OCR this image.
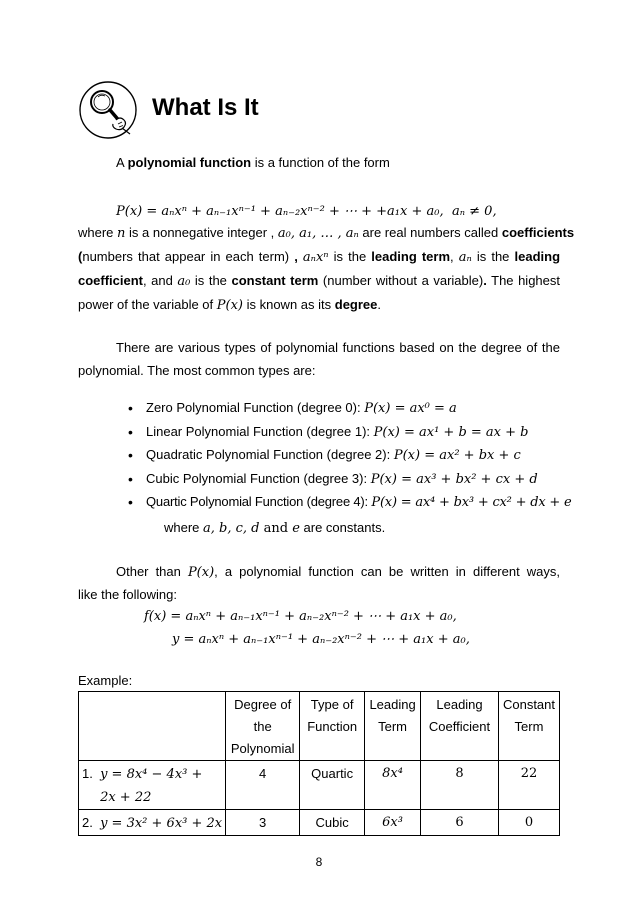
What Is It

A polynomial function is a function of the form

P(x) = aₙxⁿ + aₙ₋₁xⁿ⁻¹ + aₙ₋₂xⁿ⁻² + ⋯ + +a₁x + a₀, aₙ ≠ 0,

where n is a nonnegative integer , a₀, a₁, … , aₙ are real numbers called coefficients

(numbers that appear in each term) , aₙxⁿ is the leading term, aₙ is the leading

coefficient, and a₀ is the constant term (number without a variable). The highest

power of the variable of P(x) is known as its degree.

There are various types of polynomial functions based on the degree of the

polynomial. The most common types are:

• Zero Polynomial Function (degree 0): P(x) = ax⁰ = a
• Linear Polynomial Function (degree 1): P(x) = ax¹ + b = ax + b
• Quadratic Polynomial Function (degree 2): P(x) = ax² + bx + c
• Cubic Polynomial Function (degree 3): P(x) = ax³ + bx² + cx + d
• Quartic Polynomial Function (degree 4): P(x) = ax⁴ + bx³ + cx² + dx + e

where a, b, c, d and e are constants.

Other than P(x), a polynomial function can be written in different ways,

like the following:

f(x) = aₙxⁿ + aₙ₋₁xⁿ⁻¹ + aₙ₋₂xⁿ⁻² + ⋯ + a₁x + a₀,
y = aₙxⁿ + aₙ₋₁xⁿ⁻¹ + aₙ₋₂xⁿ⁻² + ⋯ + a₁x + a₀,

Example:

	Degree of
the
Polynomial	Type of
Function	Leading
Term	Leading
Coefficient	Constant
Term
1. y = 8x⁴ − 4x³ +
2x + 22	4	Quartic	8x⁴	8	22
2. y = 3x² + 6x³ + 2x	3	Cubic	6x³	6	0
8
